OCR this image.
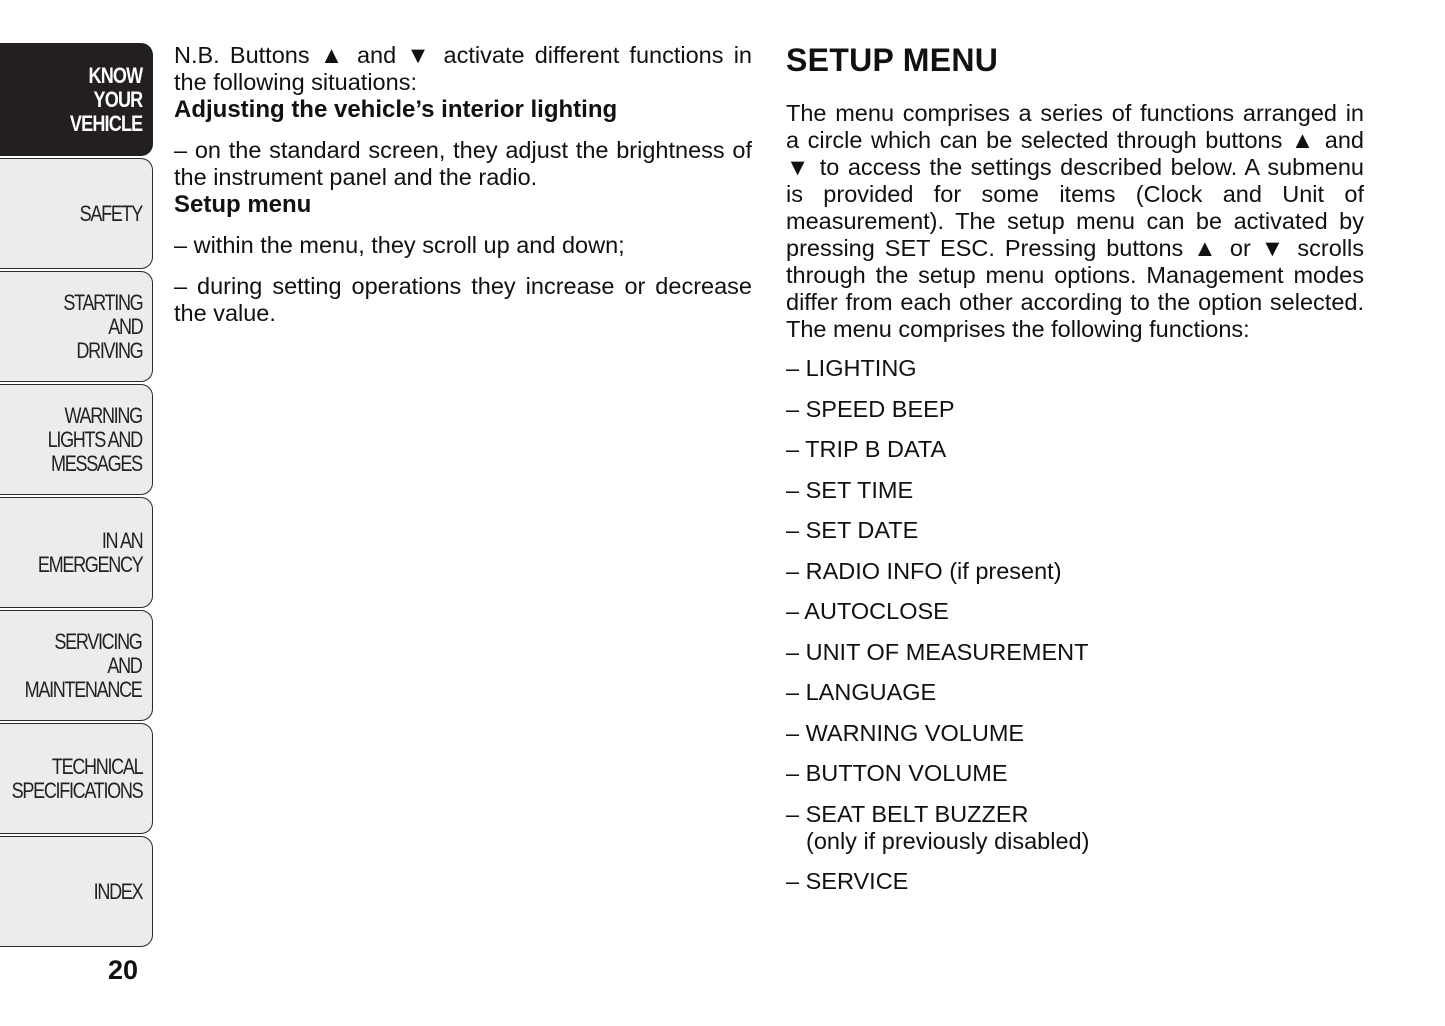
KNOW
YOUR
VEHICLE
SAFETY
STARTING
AND
DRIVING
WARNING
LIGHTS AND
MESSAGES
IN AN
EMERGENCY
SERVICING
AND
MAINTENANCE
TECHNICAL
SPECIFICATIONS
INDEX
20

N.B. Buttons ▲ and ▼ activate different functions in the following situations:

Adjusting the vehicle’s interior lighting

– on the standard screen, they adjust the brightness of the instrument panel and the radio.

Setup menu

– within the menu, they scroll up and down;

– during setting operations they increase or decrease the value.

SETUP MENU

The menu comprises a series of functions arranged in a circle which can be selected through buttons ▲ and ▼ to access the settings described below. A submenu is provided for some items (Clock and Unit of measurement). The setup menu can be activated by pressing SET ESC. Pressing buttons ▲ or ▼ scrolls through the setup menu options. Management modes differ from each other according to the option selected. The menu comprises the following functions:

– LIGHTING
– SPEED BEEP
– TRIP B DATA
– SET TIME
– SET DATE
– RADIO INFO (if present)
– AUTOCLOSE
– UNIT OF MEASUREMENT
– LANGUAGE
– WARNING VOLUME
– BUTTON VOLUME
– SEAT BELT BUZZER
(only if previously disabled)
– SERVICE
